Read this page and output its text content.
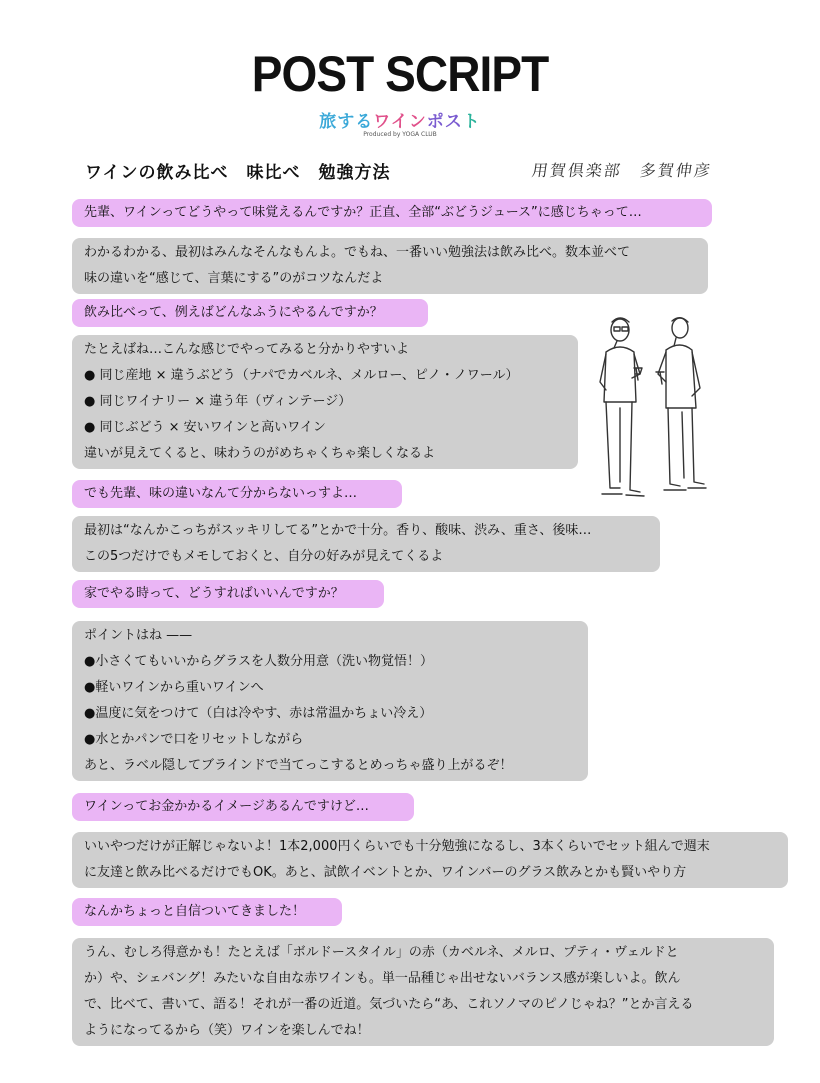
POST SCRIPT
旅するワインポスト
Produced by YOGA CLUB
ワインの飲み比べ　味比べ　勉強方法	用賀倶楽部　多賀伸彦
先輩、ワインってどうやって味覚えるんですか？正直、全部“ぶどうジュース”に感じちゃって…
わかるわかる、最初はみんなそんなもんよ。でもね、一番いい勉強法は飲み比べ。数本並べて
味の違いを“感じて、言葉にする”のがコツなんだよ
飲み比べって、例えばどんなふうにやるんですか？
たとえばね…こんな感じでやってみると分かりやすいよ
● 同じ産地 × 違うぶどう（ナパでカベルネ、メルロー、ピノ・ノワール）
● 同じワイナリー × 違う年（ヴィンテージ）
● 同じぶどう × 安いワインと高いワイン
違いが見えてくると、味わうのがめちゃくちゃ楽しくなるよ
でも先輩、味の違いなんて分からないっすよ…
最初は“なんかこっちがスッキリしてる”とかで十分。香り、酸味、渋み、重さ、後味…
この5つだけでもメモしておくと、自分の好みが見えてくるよ
家でやる時って、どうすればいいんですか？
ポイントはね ——
●小さくてもいいからグラスを人数分用意（洗い物覚悟！）
●軽いワインから重いワインへ
●温度に気をつけて（白は冷やす、赤は常温かちょい冷え）
●水とかパンで口をリセットしながら
あと、ラベル隠してブラインドで当てっこするとめっちゃ盛り上がるぞ！
ワインってお金かかるイメージあるんですけど…
いいやつだけが正解じゃないよ！1本2,000円くらいでも十分勉強になるし、3本くらいでセット組んで週末
に友達と飲み比べるだけでもOK。あと、試飲イベントとか、ワインバーのグラス飲みとかも賢いやり方
なんかちょっと自信ついてきました！
うん、むしろ得意かも！たとえば「ボルドースタイル」の赤（カベルネ、メルロ、プティ・ヴェルドと
か）や、シェバング！みたいな自由な赤ワインも。単一品種じゃ出せないバランス感が楽しいよ。飲ん
で、比べて、書いて、語る！それが一番の近道。気づいたら“あ、これソノマのピノじゃね？”とか言える
ようになってるから（笑）ワインを楽しんでね！
